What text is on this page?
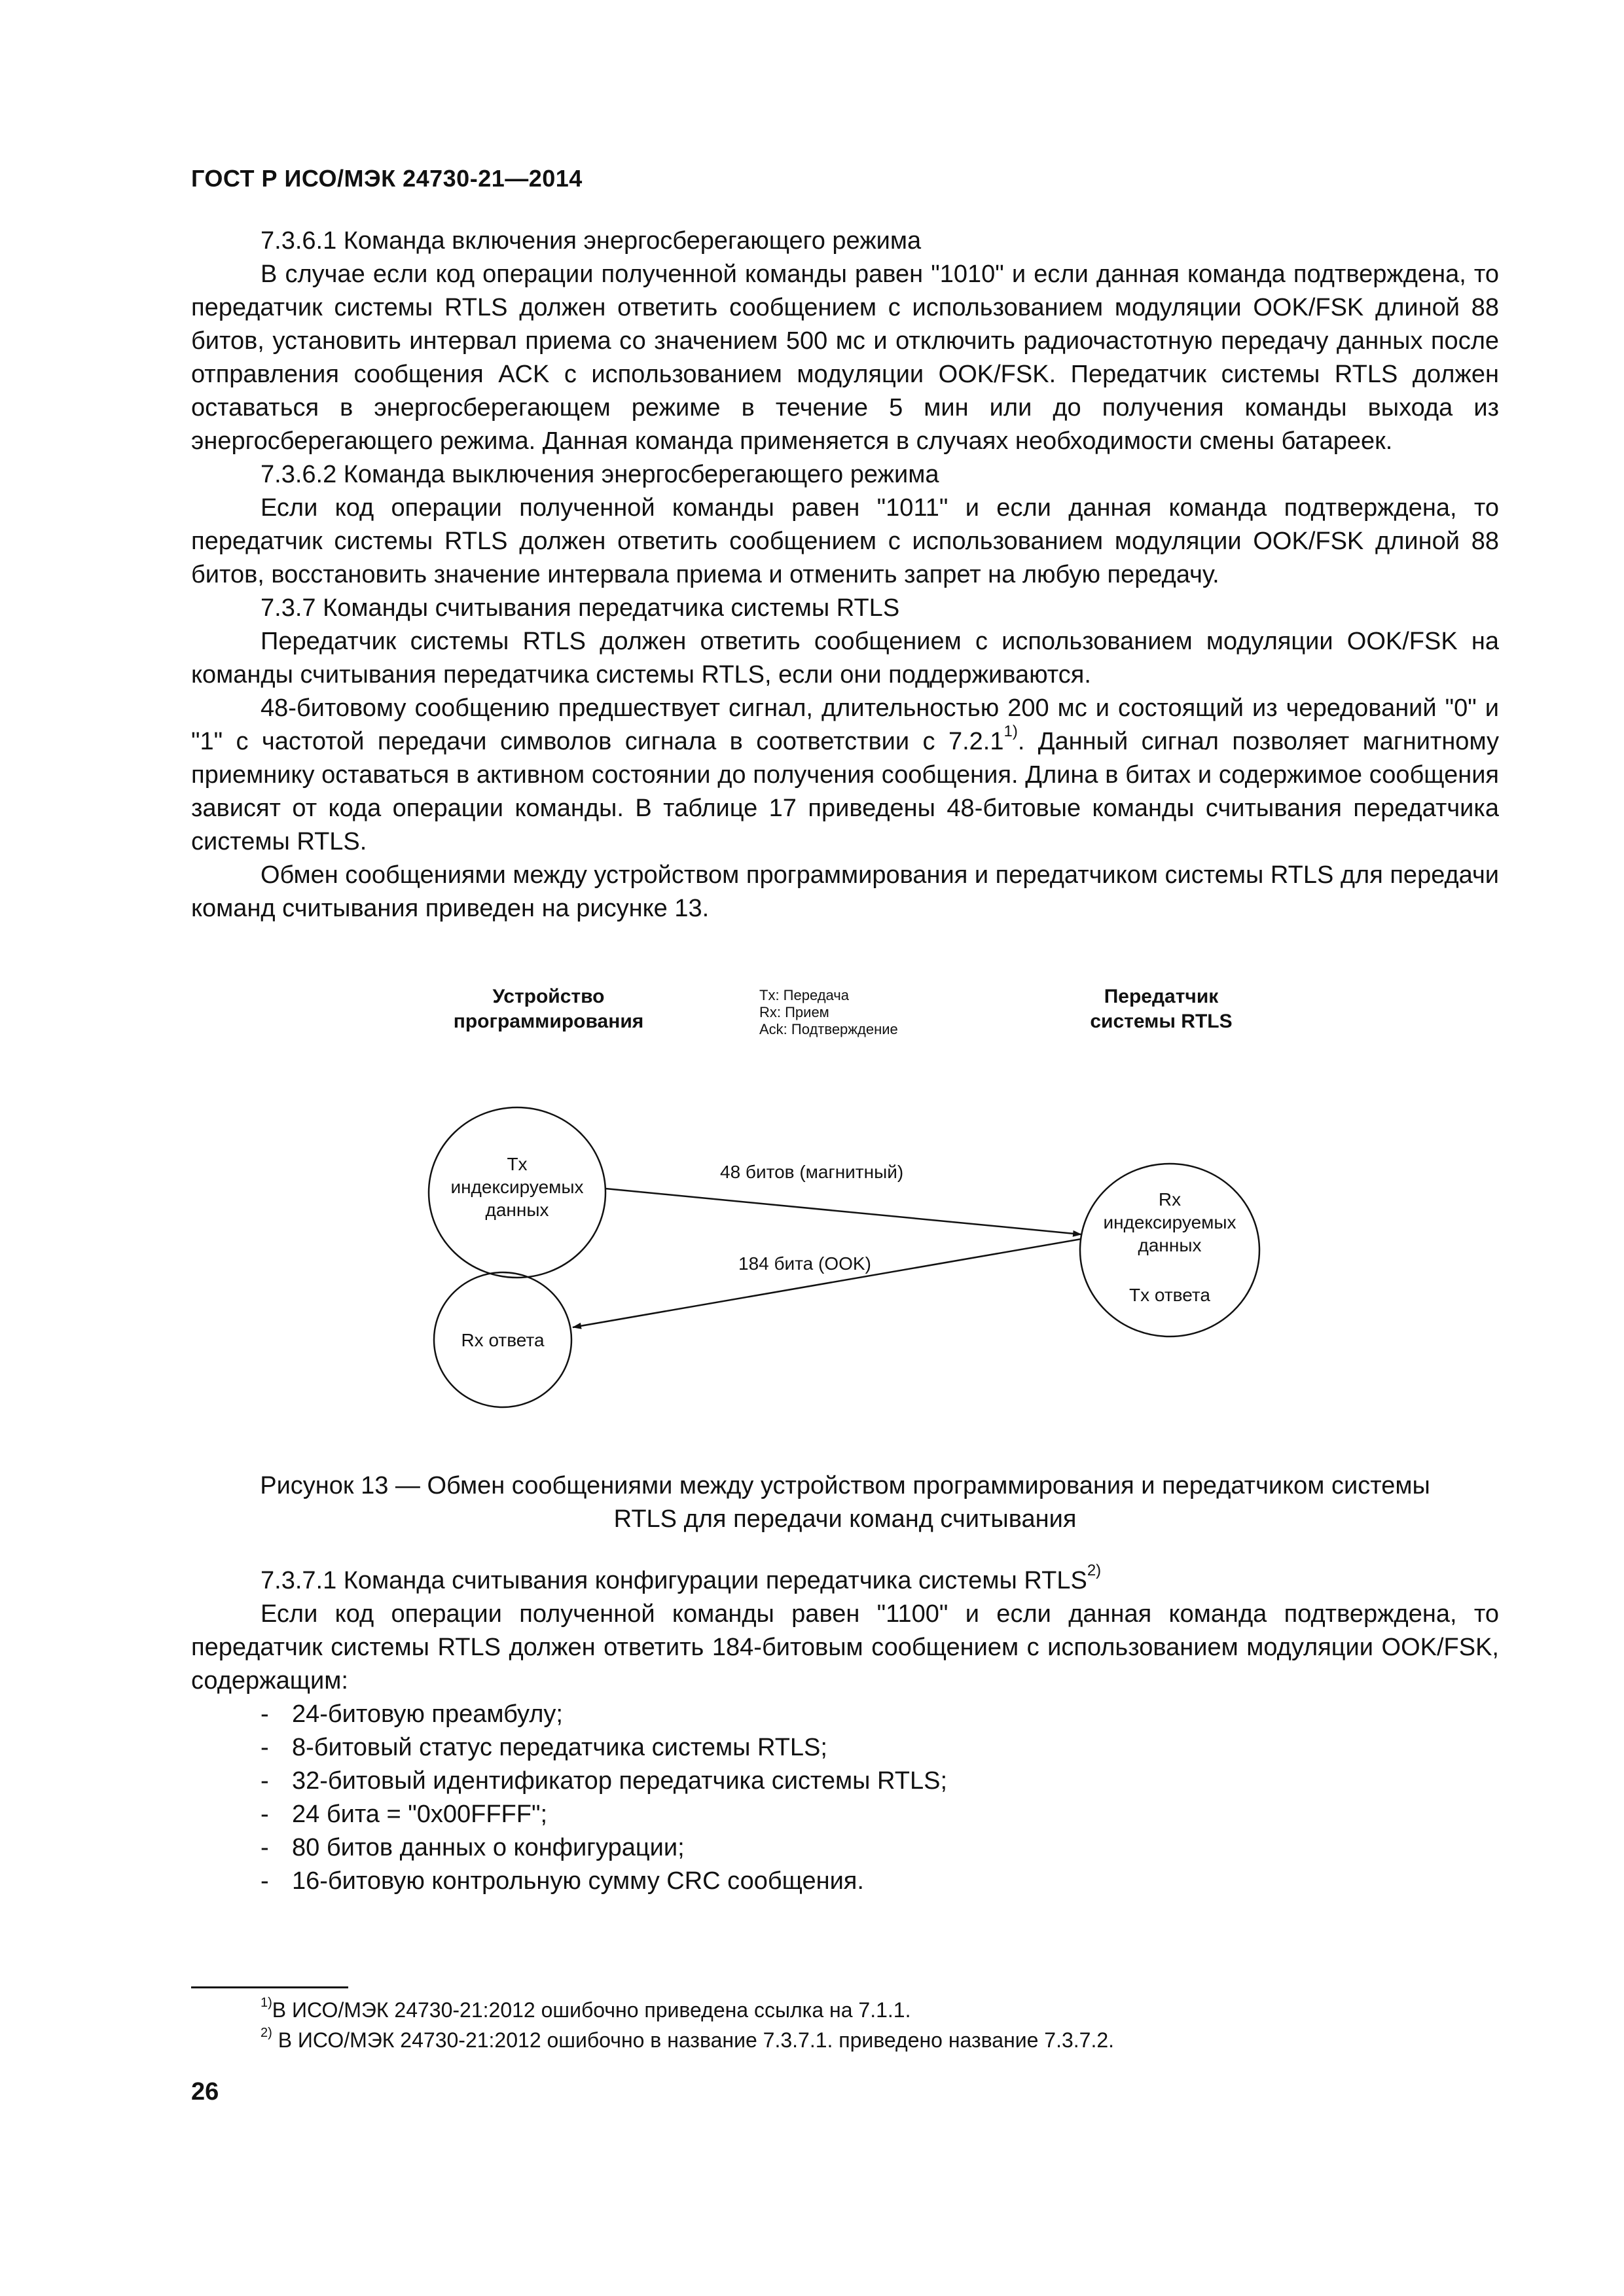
ГОСТ Р ИСО/МЭК 24730-21—2014

7.3.6.1 Команда включения энергосберегающего режима

В случае если код операции полученной команды равен "1010" и если данная команда подтверждена, то передатчик системы RTLS должен ответить сообщением с использованием модуляции OOK/FSK длиной 88 битов, установить интервал приема со значением 500 мс и отключить радиочастотную передачу данных после отправления сообщения ACK с использованием модуляции OOK/FSK. Передатчик системы RTLS должен оставаться в энергосберегающем режиме в течение 5 мин или до получения команды выхода из энергосберегающего режима. Данная команда применяется в случаях необходимости смены батареек.

7.3.6.2 Команда выключения энергосберегающего режима

Если код операции полученной команды равен "1011" и если данная команда подтверждена, то передатчик системы RTLS должен ответить сообщением с использованием модуляции OOK/FSK длиной 88 битов, восстановить значение интервала приема и отменить запрет на любую передачу.

7.3.7 Команды считывания передатчика системы RTLS

Передатчик системы RTLS должен ответить сообщением с использованием модуляции OOK/FSK на команды считывания передатчика системы RTLS, если они поддерживаются.

48-битовому сообщению предшествует сигнал, длительностью 200 мс и состоящий из чередований "0" и "1" с частотой передачи символов сигнала в соответствии с 7.2.1$^{1)}$. Данный сигнал позволяет магнитному приемнику оставаться в активном состоянии до получения сообщения. Длина в битах и содержимое сообщения зависят от кода операции команды. В таблице 17 приведены 48-битовые команды считывания передатчика системы RTLS.

Обмен сообщениями между устройством программирования и передатчиком системы RTLS для передачи команд считывания приведен на рисунке 13.

Устройство
программирования
Tx: Передача
Rx: Прием
Ack: Подтверждение
Передатчик
системы RTLS
Tx
индексируемых
данных
Rx ответа
Rx
индексируемых
данных
Tx ответа
48 битов (магнитный)
184 бита (OOK)
Рисунок 13 — Обмен сообщениями между устройством программирования и передатчиком системы
RTLS для передачи команд считывания

7.3.7.1 Команда считывания конфигурации передатчика системы RTLS$^{2)}$

Если код операции полученной команды равен "1100" и если данная команда подтверждена, то передатчик системы RTLS должен ответить 184-битовым сообщением с использованием модуляции OOK/FSK, содержащим:

- 24-битовую преамбулу;
- 8-битовый статус передатчика системы RTLS;
- 32-битовый идентификатор передатчика системы RTLS;
- 24 бита = "0x00FFFF";
- 80 битов данных о конфигурации;
- 16-битовую контрольную сумму CRC сообщения.
$^{1)}$В ИСО/МЭК 24730-21:2012 ошибочно приведена ссылка на 7.1.1.
$^{2)}$ В ИСО/МЭК 24730-21:2012 ошибочно в название 7.3.7.1. приведено название 7.3.7.2.
26
